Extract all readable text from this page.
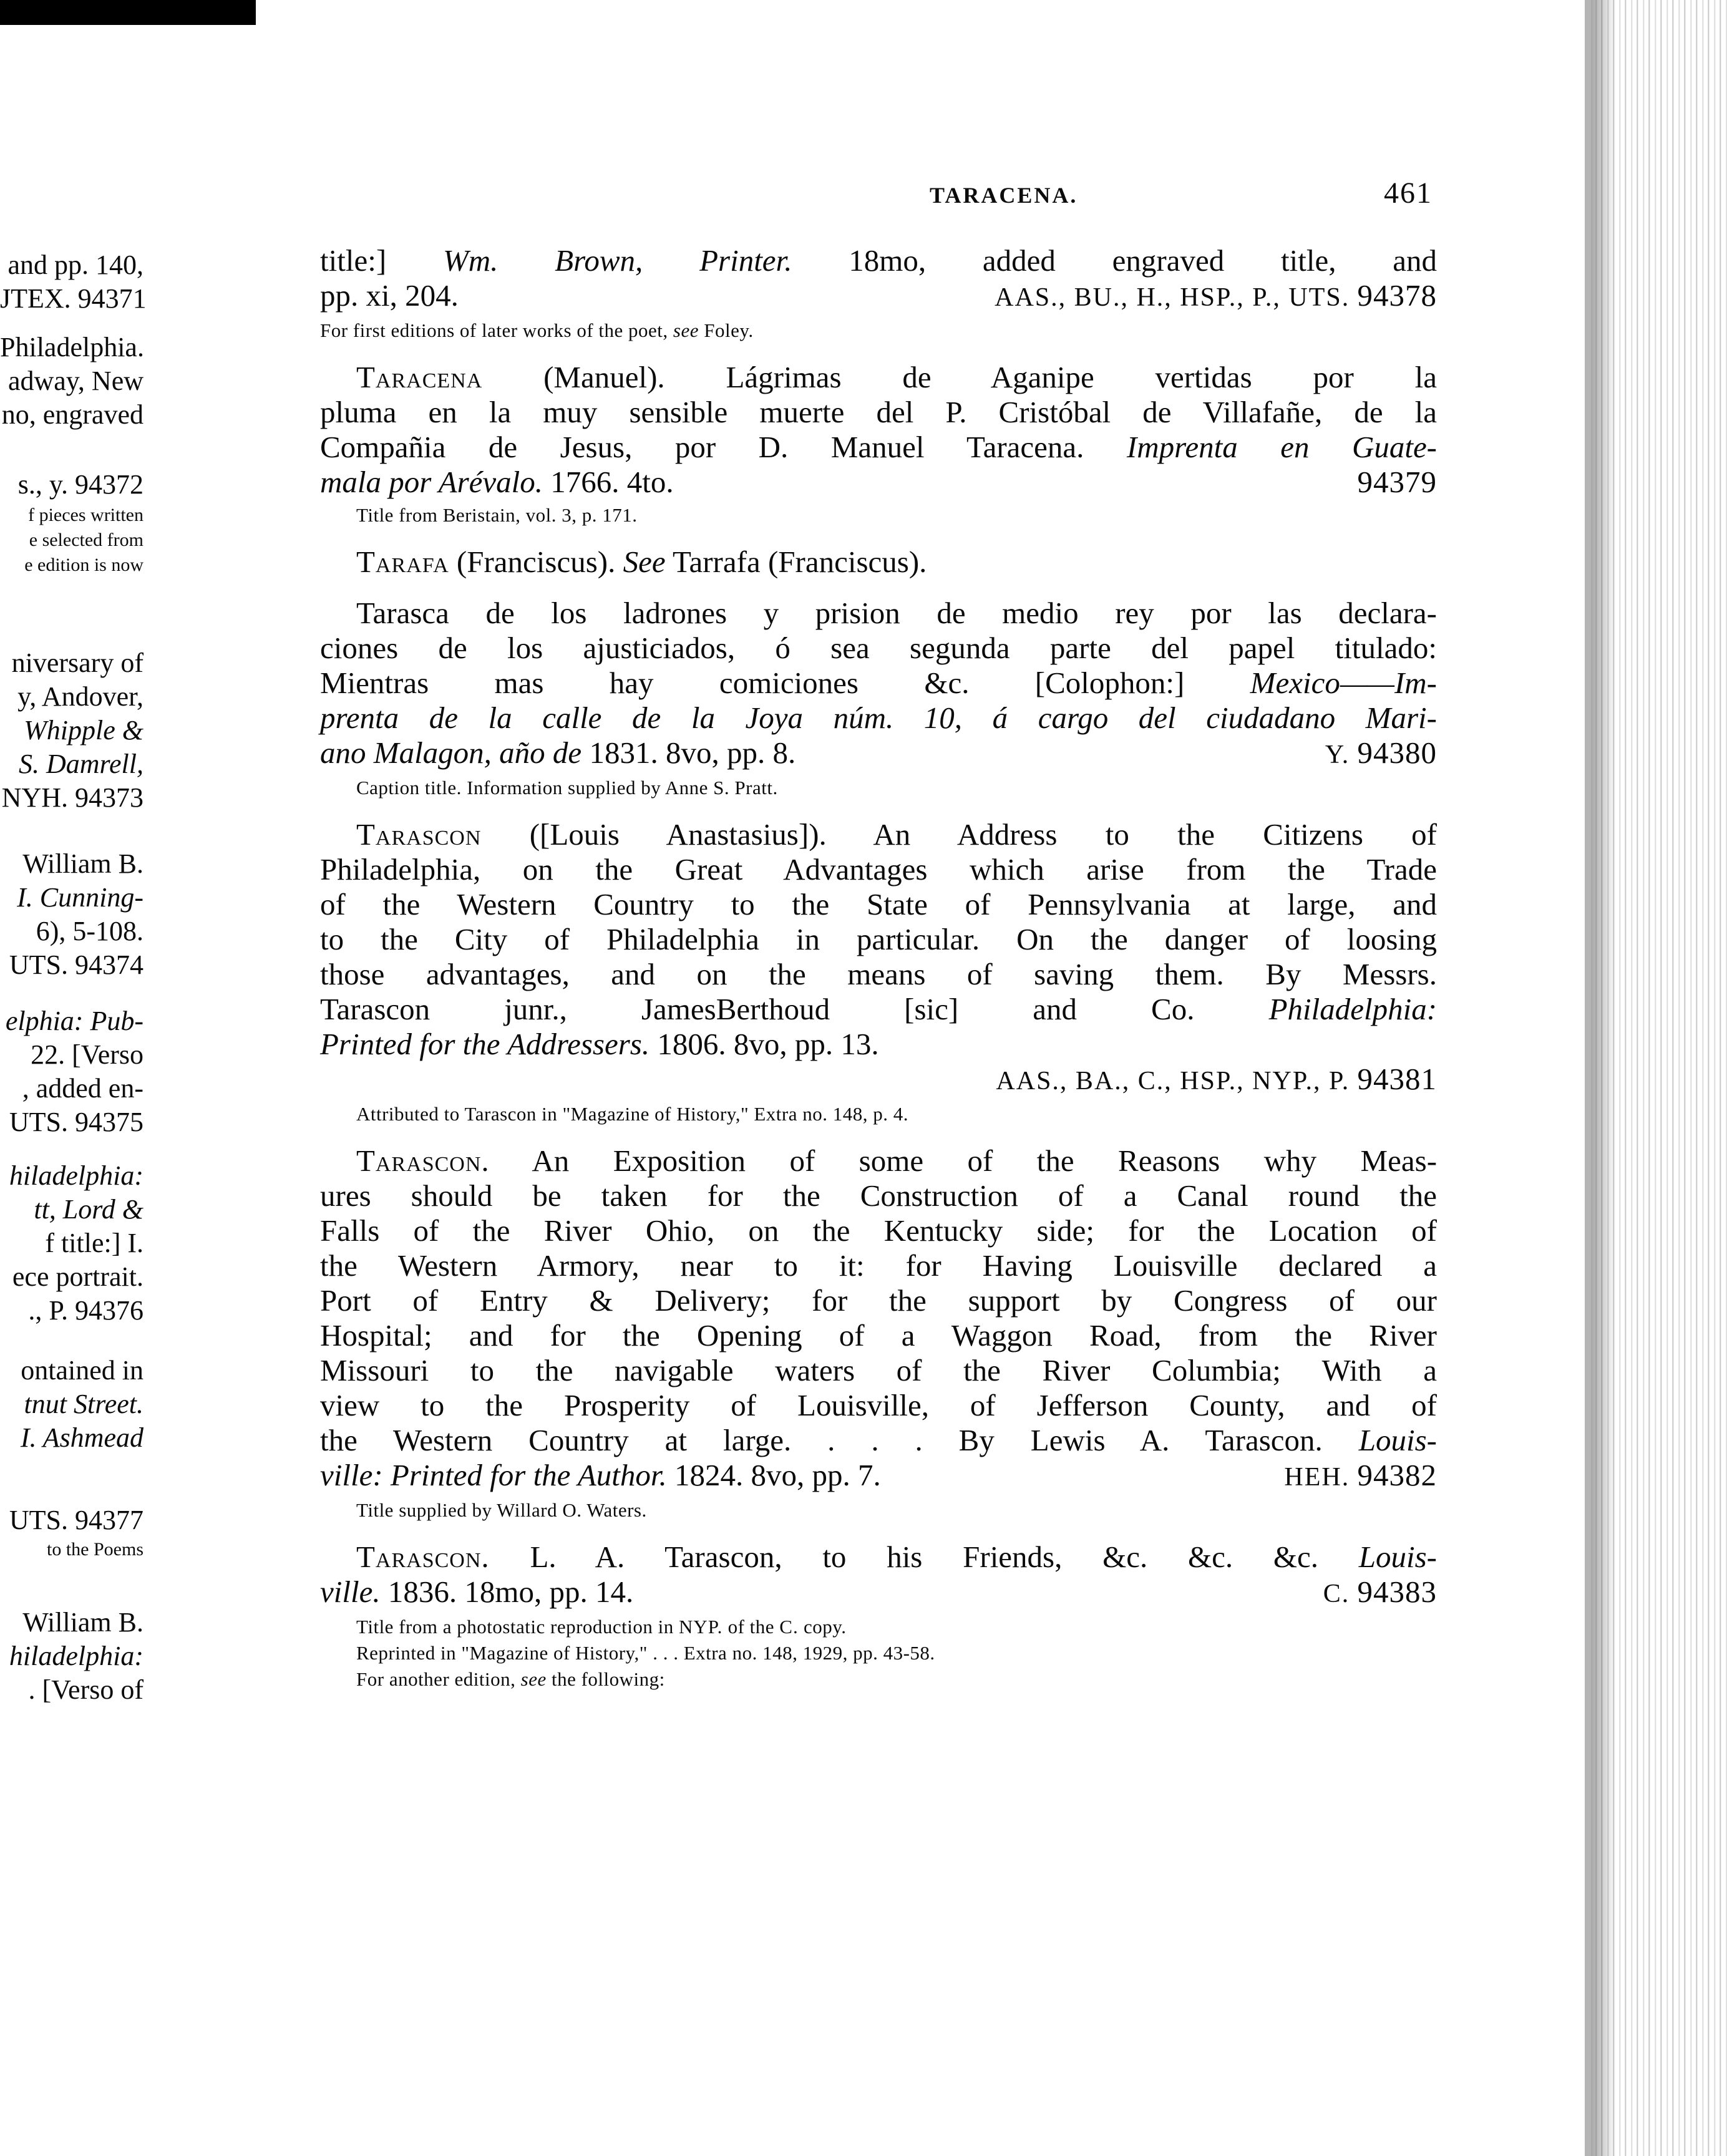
and pp. 140,
JTEX. 94371
Philadelphia.
adway, New
no, engraved
s., y. 94372
f pieces written
e selected from
e edition is now
niversary of
y, Andover,
Whipple &
S. Damrell,
NYH. 94373
William B.
I. Cunning-
6), 5-108.
UTS. 94374
elphia: Pub-
22. [Verso
, added en-
UTS. 94375
hiladelphia:
tt, Lord &
f title:] I.
ece portrait.
., P. 94376
ontained in
tnut Street.
I. Ashmead
UTS. 94377
to the Poems
William B.
hiladelphia:
. [Verso of
TARACENA.	461
title:] Wm. Brown, Printer. 18mo, added engraved title, and
pp. xi, 204.	AAS., BU., H., HSP., P., UTS. 94378
For first editions of later works of the poet, see Foley.
Taracena (Manuel). Lágrimas de Aganipe vertidas por la
pluma en la muy sensible muerte del P. Cristóbal de Villafañe, de la
Compañia de Jesus, por D. Manuel Taracena. Imprenta en Guate-
mala por Arévalo. 1766. 4to.	94379
Title from Beristain, vol. 3, p. 171.
Tarafa (Franciscus). See Tarrafa (Franciscus).
Tarasca de los ladrones y prision de medio rey por las declara-
ciones de los ajusticiados, ó sea segunda parte del papel titulado:
Mientras mas hay comiciones &c. [Colophon:] Mexico——Im-
prenta de la calle de la Joya núm. 10, á cargo del ciudadano Mari-
ano Malagon, año de 1831. 8vo, pp. 8.	Y. 94380
Caption title. Information supplied by Anne S. Pratt.
Tarascon ([Louis Anastasius]). An Address to the Citizens of
Philadelphia, on the Great Advantages which arise from the Trade
of the Western Country to the State of Pennsylvania at large, and
to the City of Philadelphia in particular. On the danger of loosing
those advantages, and on the means of saving them. By Messrs.
Tarascon junr., JamesBerthoud [sic] and Co. Philadelphia:
Printed for the Addressers. 1806. 8vo, pp. 13.
AAS., BA., C., HSP., NYP., P. 94381
Attributed to Tarascon in "Magazine of History," Extra no. 148, p. 4.
Tarascon. An Exposition of some of the Reasons why Meas-
ures should be taken for the Construction of a Canal round the
Falls of the River Ohio, on the Kentucky side; for the Location of
the Western Armory, near to it: for Having Louisville declared a
Port of Entry & Delivery; for the support by Congress of our
Hospital; and for the Opening of a Waggon Road, from the River
Missouri to the navigable waters of the River Columbia; With a
view to the Prosperity of Louisville, of Jefferson County, and of
the Western Country at large. . . . By Lewis A. Tarascon. Louis-
ville: Printed for the Author. 1824. 8vo, pp. 7.	HEH. 94382
Title supplied by Willard O. Waters.
Tarascon. L. A. Tarascon, to his Friends, &c. &c. &c. Louis-
ville. 1836. 18mo, pp. 14.	C. 94383
Title from a photostatic reproduction in NYP. of the C. copy.
Reprinted in "Magazine of History," . . . Extra no. 148, 1929, pp. 43-58.
For another edition, see the following:
